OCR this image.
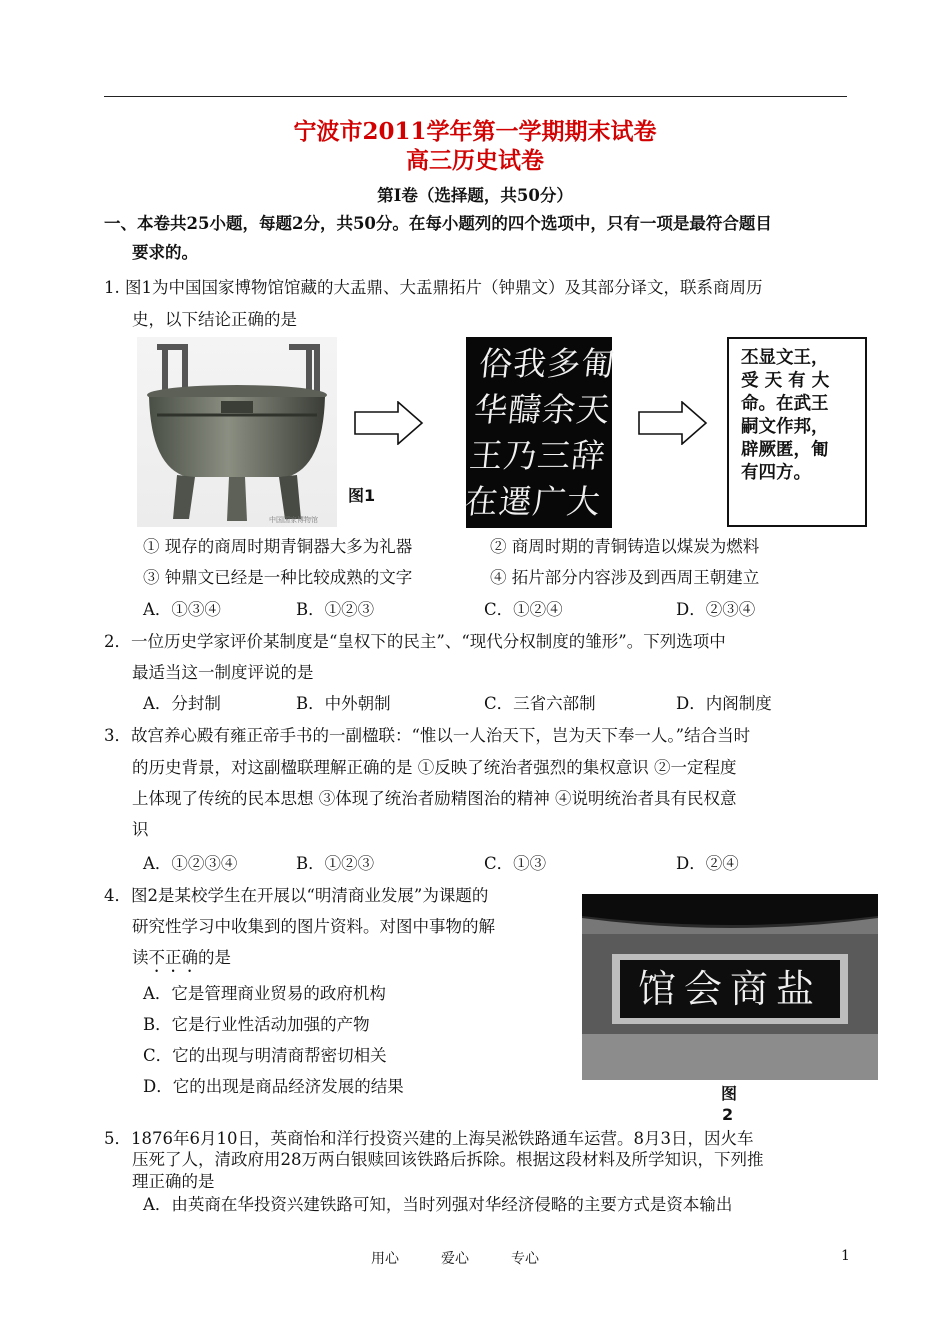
宁波市2011学年第一学期期末试卷
高三历史试卷
第Ⅰ卷（选择题，共50分）
一、本卷共25小题，每题2分，共50分。在每小题列的四个选项中，只有一项是最符合题目
要求的。
1. 图1为中国国家博物馆馆藏的大盂鼎、大盂鼎拓片（钟鼎文）及其部分译文，联系商周历
史，以下结论正确的是
中国国家博物馆
图1
俗我多匍
华醻余天
王乃三辞
在遷广大
丕显文王，
受 天 有 大
命。在武王
嗣文作邦，
辟厥匿，匍
有四方。
① 现存的商周时期青铜器大多为礼器	② 商周时期的青铜铸造以煤炭为燃料
③ 钟鼎文已经是一种比较成熟的文字	④ 拓片部分内容涉及到西周王朝建立
A．①③④	B．①②③	C．①②④	D．②③④
2．一位历史学家评价某制度是“皇权下的民主”、“现代分权制度的雏形”。下列选项中
最适当这一制度评说的是
A．分封制	B．中外朝制	C．三省六部制	D．内阁制度
3．故宫养心殿有雍正帝手书的一副楹联：“惟以一人治天下，岂为天下奉一人。”结合当时
的历史背景，对这副楹联理解正确的是 ①反映了统治者强烈的集权意识 ②一定程度
上体现了传统的民本思想 ③体现了统治者励精图治的精神 ④说明统治者具有民权意
识
A．①②③④	B．①②③	C．①③	D．②④
4．图2是某校学生在开展以“明清商业发展”为课题的
研究性学习中收集到的图片资料。对图中事物的解
读不正确的是
A．它是管理商业贸易的政府机构
B．它是行业性活动加强的产物
C．它的出现与明清商帮密切相关
D．它的出现是商品经济发展的结果
盐商会馆
图
2
5．1876年6月10日，英商怡和洋行投资兴建的上海吴淞铁路通车运营。8月3日，因火车
压死了人，清政府用28万两白银赎回该铁路后拆除。根据这段材料及所学知识，下列推
理正确的是
A．由英商在华投资兴建铁路可知，当时列强对华经济侵略的主要方式是资本输出
用心	爱心	专心	1
